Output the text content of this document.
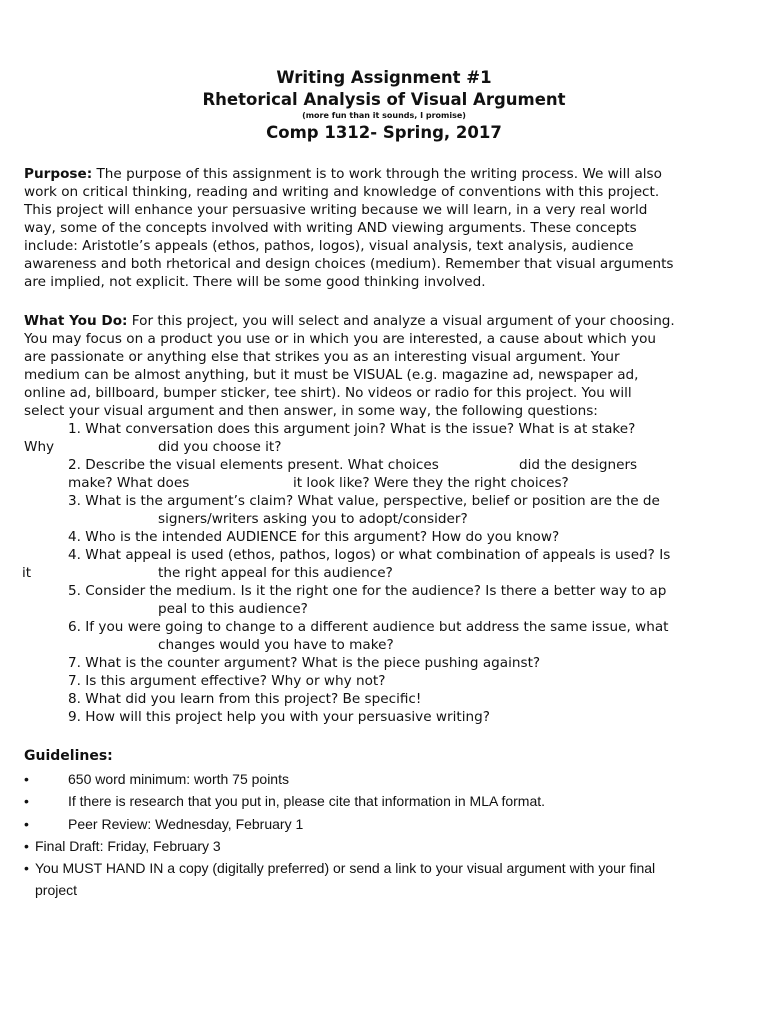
Writing Assignment #1
Rhetorical Analysis of Visual Argument
(more fun than it sounds, I promise)
Comp 1312- Spring, 2017
Purpose: The purpose of this assignment is to work through the writing process. We will also
work on critical thinking, reading and writing and knowledge of conventions with this project.
This project will enhance your persuasive writing because we will learn, in a very real world
way, some of the concepts involved with writing AND viewing arguments. These concepts
include: Aristotle’s appeals (ethos, pathos, logos), visual analysis, text analysis, audience
awareness and both rhetorical and design choices (medium). Remember that visual arguments
are implied, not explicit. There will be some good thinking involved.
What You Do: For this project, you will select and analyze a visual argument of your choosing.
You may focus on a product you use or in which you are interested, a cause about which you
are passionate or anything else that strikes you as an interesting visual argument. Your
medium can be almost anything, but it must be VISUAL (e.g. magazine ad, newspaper ad,
online ad, billboard, bumper sticker, tee shirt). No videos or radio for this project. You will
select your visual argument and then answer, in some way, the following questions:
1. What conversation does this argument join? What is the issue? What is at stake?
Why	did you choose it?
2. Describe the visual elements present. What choices	did the designers
make? What does	it look like? Were they the right choices?
3. What is the argument’s claim? What value, perspective, belief or position are the de
signers/writers asking you to adopt/consider?
4. Who is the intended AUDIENCE for this argument? How do you know?
4. What appeal is used (ethos, pathos, logos) or what combination of appeals is used? Is
it	the right appeal for this audience?
5. Consider the medium. Is it the right one for the audience? Is there a better way to ap
peal to this audience?
6. If you were going to change to a different audience but address the same issue, what
changes would you have to make?
7. What is the counter argument? What is the piece pushing against?
7. Is this argument effective? Why or why not?
8. What did you learn from this project? Be specific!
9. How will this project help you with your persuasive writing?
Guidelines:
•	650 word minimum: worth 75 points
•	If there is research that you put in, please cite that information in MLA format.
•	Peer Review: Wednesday, February 1
• Final Draft: Friday, February 3
• You MUST HAND IN a copy (digitally preferred) or send a link to your visual argument with your final
project
